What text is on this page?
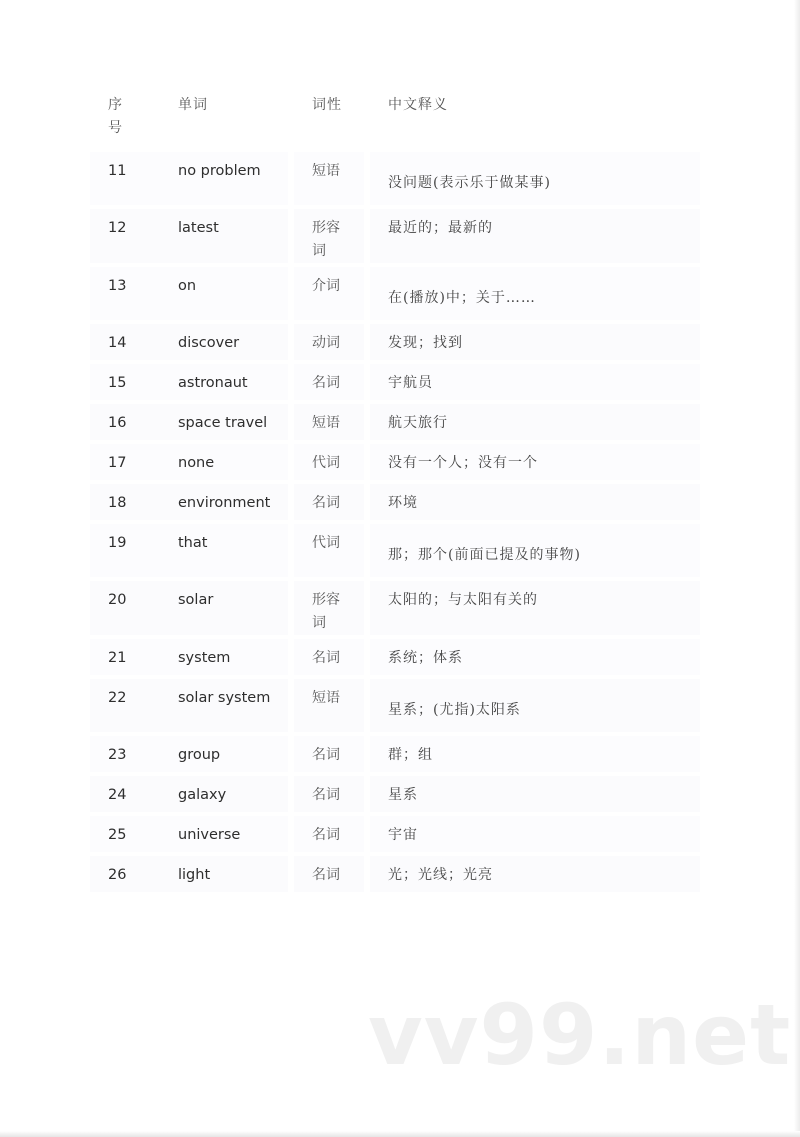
序号	单词	词性	中文释义
11	no problem	短语	没问题(表示乐于做某事)

12	latest	形容词	最近的；最新的

13	on	介词	在(播放)中；关于……

14	discover	动词	发现；找到

15	astronaut	名词	宇航员

16	space travel	短语	航天旅行

17	none	代词	没有一个人；没有一个

18	environment	名词	环境

19	that	代词	那；那个(前面已提及的事物)

20	solar	形容词	太阳的；与太阳有关的

21	system	名词	系统；体系

22	solar system	短语	星系；(尤指)太阳系

23	group	名词	群；组

24	galaxy	名词	星系

25	universe	名词	宇宙

26	light	名词	光；光线；光亮
vv99.net
